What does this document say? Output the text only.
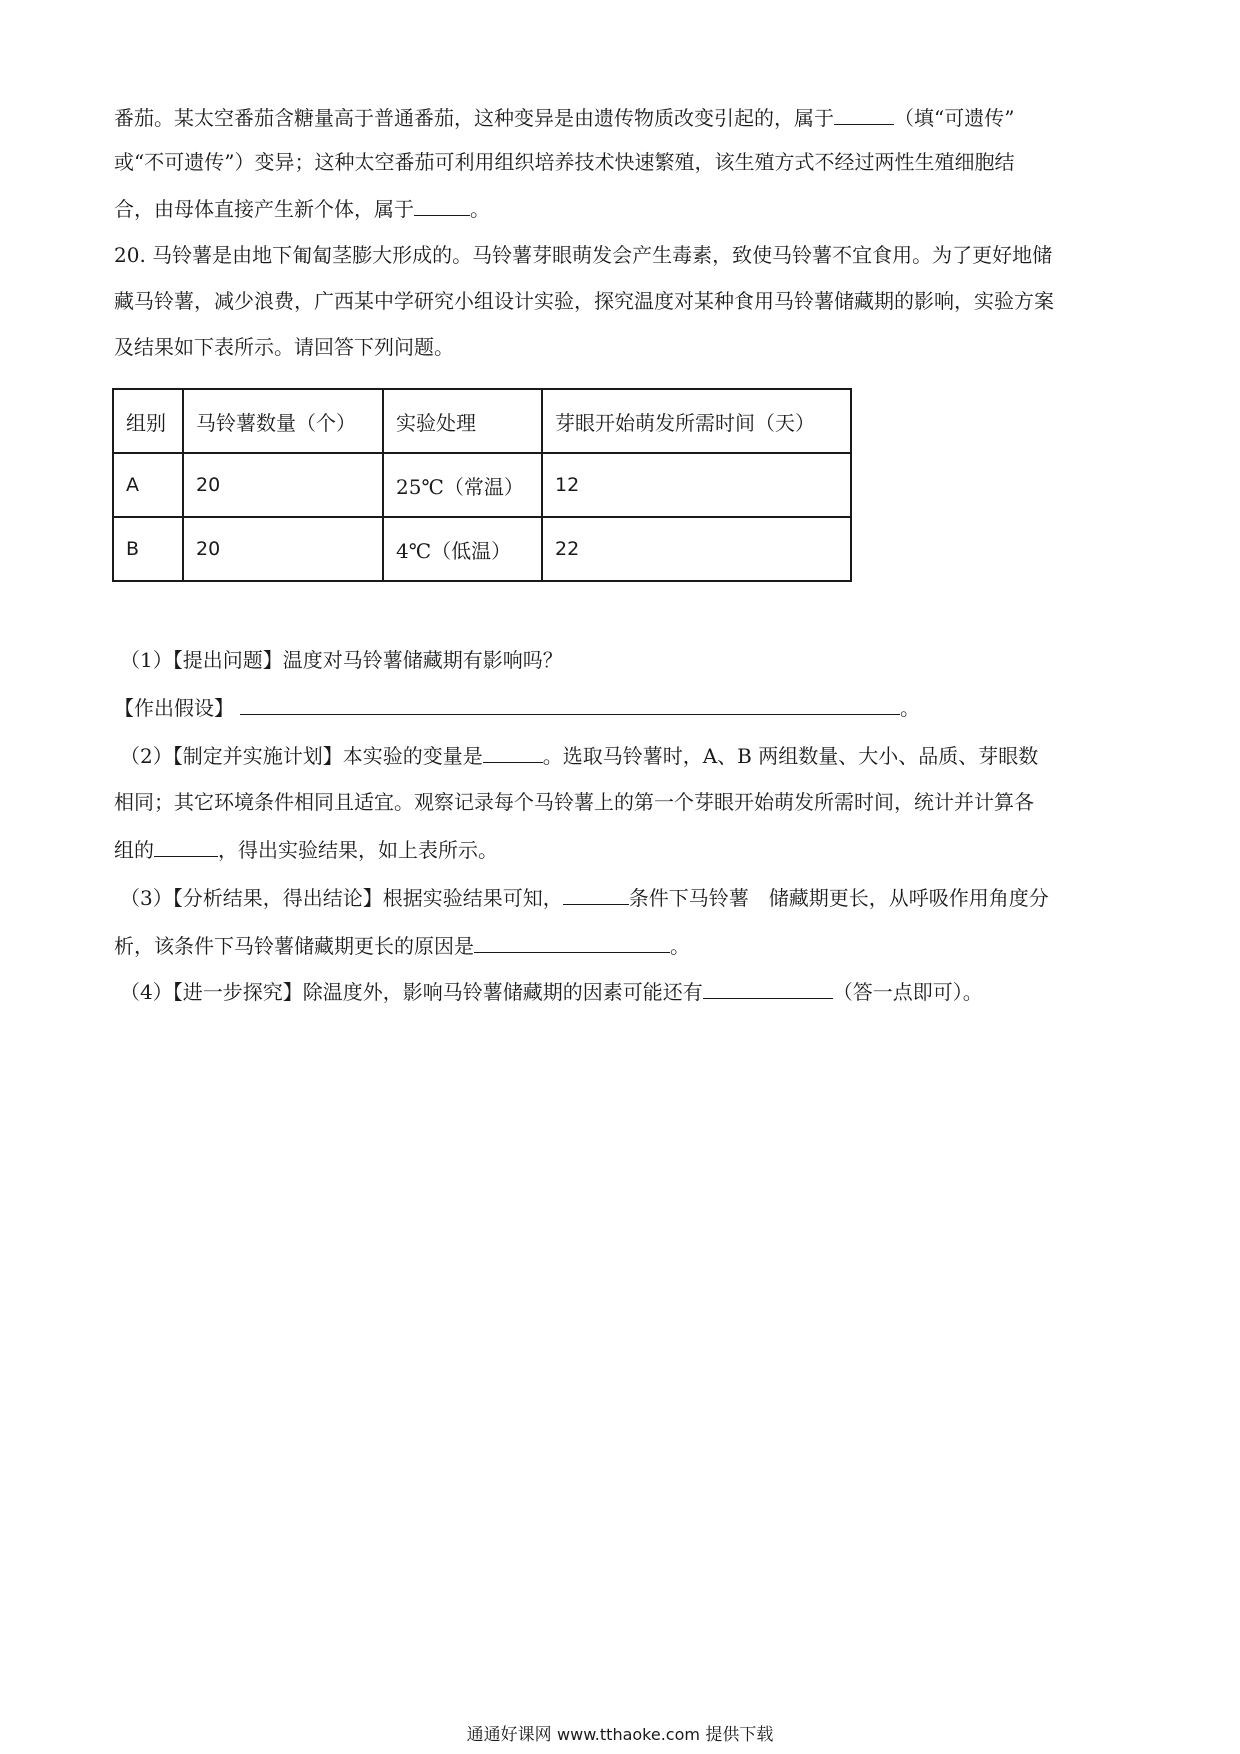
番茄。某太空番茄含糖量高于普通番茄，这种变异是由遗传物质改变引起的，属于	（填“可遗传”
或“不可遗传”）变异；这种太空番茄可利用组织培养技术快速繁殖，该生殖方式不经过两性生殖细胞结
合，由母体直接产生新个体，属于	。
20. 马铃薯是由地下匍匐茎膨大形成的。马铃薯芽眼萌发会产生毒素，致使马铃薯不宜食用。为了更好地储
藏马铃薯，减少浪费，广西某中学研究小组设计实验，探究温度对某种食用马铃薯储藏期的影响，实验方案
及结果如下表所示。请回答下列问题。
组别	马铃薯数量（个）	实验处理	芽眼开始萌发所需时间（天）
A	20	25℃（常温）	12
B	20	4℃（低温）	22
（1）【提出问题】温度对马铃薯储藏期有影响吗？
【作出假设】	。
（2）【制定并实施计划】本实验的变量是	。选取马铃薯时，A、B 两组数量、大小、品质、芽眼数
相同；其它环境条件相同且适宜。观察记录每个马铃薯上的第一个芽眼开始萌发所需时间，统计并计算各
组的	，得出实验结果，如上表所示。
（3）【分析结果，得出结论】根据实验结果可知，	条件下马铃薯　储藏期更长，从呼吸作用角度分
析，该条件下马铃薯储藏期更长的原因是	。
（4）【进一步探究】除温度外，影响马铃薯储藏期的因素可能还有	（答一点即可）。
通通好课网 www.tthaoke.com 提供下载
